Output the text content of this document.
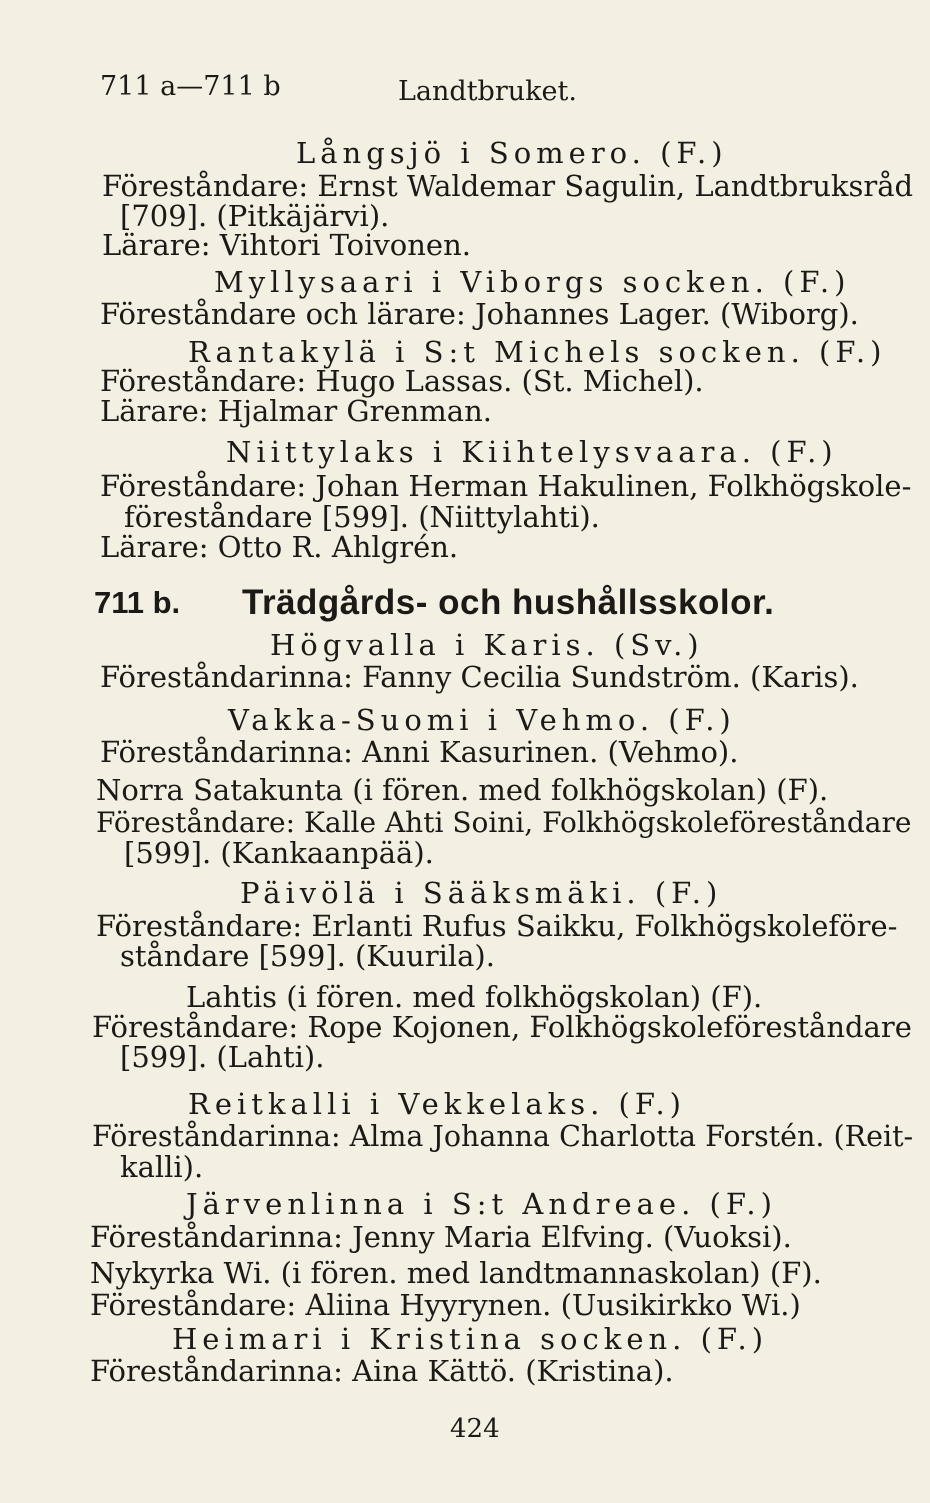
711 a—711 b	Landtbruket.
Långsjö i Somero. (F.)
Föreståndare: Ernst Waldemar Sagulin, Landtbruksråd
[709]. (Pitkäjärvi).
Lärare: Vihtori Toivonen.
Myllysaari i Viborgs socken. (F.)
Föreståndare och lärare: Johannes Lager. (Wiborg).
Rantakylä i S:t Michels socken. (F.)
Föreståndare: Hugo Lassas. (St. Michel).
Lärare: Hjalmar Grenman.
Niittylaks i Kiihtelysvaara. (F.)
Föreståndare: Johan Herman Hakulinen, Folkhögskole-
föreståndare [599]. (Niittylahti).
Lärare: Otto R. Ahlgrén.
711 b. Trädgårds- och hushållsskolor.
Högvalla i Karis. (Sv.)
Föreståndarinna: Fanny Cecilia Sundström. (Karis).
Vakka-Suomi i Vehmo. (F.)
Föreståndarinna: Anni Kasurinen. (Vehmo).
Norra Satakunta (i fören. med folkhögskolan) (F).
Föreståndare: Kalle Ahti Soini, Folkhögskoleföreståndare
[599]. (Kankaanpää).
Päivölä i Sääksmäki. (F.)
Föreståndare: Erlanti Rufus Saikku, Folkhögskoleföre-
ståndare [599]. (Kuurila).
Lahtis (i fören. med folkhögskolan) (F).
Föreståndare: Rope Kojonen, Folkhögskoleföreståndare
[599]. (Lahti).
Reitkalli i Vekkelaks. (F.)
Föreståndarinna: Alma Johanna Charlotta Forstén. (Reit-
kalli).
Järvenlinna i S:t Andreae. (F.)
Föreståndarinna: Jenny Maria Elfving. (Vuoksi).
Nykyrka Wi. (i fören. med landtmannaskolan) (F).
Föreståndare: Aliina Hyyrynen. (Uusikirkko Wi.)
Heimari i Kristina socken. (F.)
Föreståndarinna: Aina Kättö. (Kristina).
424
